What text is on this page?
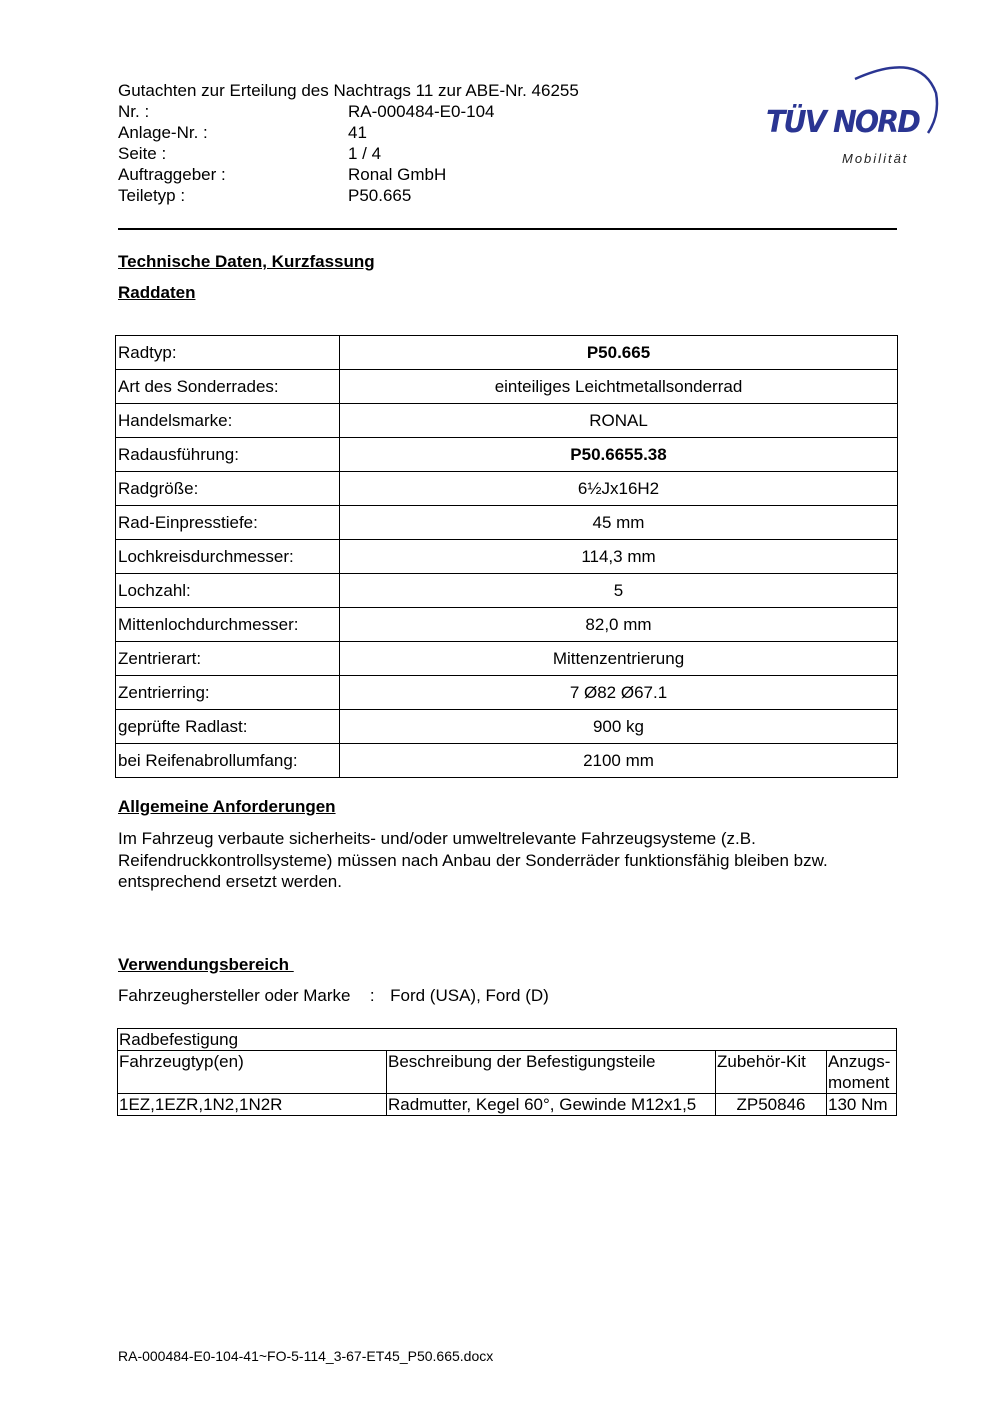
Gutachten zur Erteilung des Nachtrags 11 zur ABE-Nr. 46255
Nr. :	RA-000484-E0-104
Anlage-Nr. :	41
Seite :	1 / 4
Auftraggeber :	Ronal GmbH
Teiletyp :	P50.665
TÜV NORD
Mobilität
Technische Daten, Kurzfassung
Raddaten
Radtyp:	P50.665
Art des Sonderrades:	einteiliges Leichtmetallsonderrad
Handelsmarke:	RONAL
Radausführung:	P50.6655.38
Radgröße:	6½Jx16H2
Rad-Einpresstiefe:	45 mm
Lochkreisdurchmesser:	114,3 mm
Lochzahl:	5
Mittenlochdurchmesser:	82,0 mm
Zentrierart:	Mittenzentrierung
Zentrierring:	7 Ø82 Ø67.1
geprüfte Radlast:	900 kg
bei Reifenabrollumfang:	2100 mm
Allgemeine Anforderungen
Im Fahrzeug verbaute sicherheits- und/oder umweltrelevante Fahrzeugsysteme (z.B. Reifendruckkontrollsysteme) müssen nach Anbau der Sonderräder funktionsfähig bleiben bzw. entsprechend ersetzt werden.
Verwendungsbereich
Fahrzeughersteller oder Marke : Ford (USA), Ford (D)
Radbefestigung			
Fahrzeugtyp(en)	Beschreibung der Befestigungsteile	Zubehör-Kit	Anzugs-moment
1EZ,1EZR,1N2,1N2R	Radmutter, Kegel 60°, Gewinde M12x1,5	ZP50846	130 Nm
RA-000484-E0-104-41~FO-5-114_3-67-ET45_P50.665.docx
